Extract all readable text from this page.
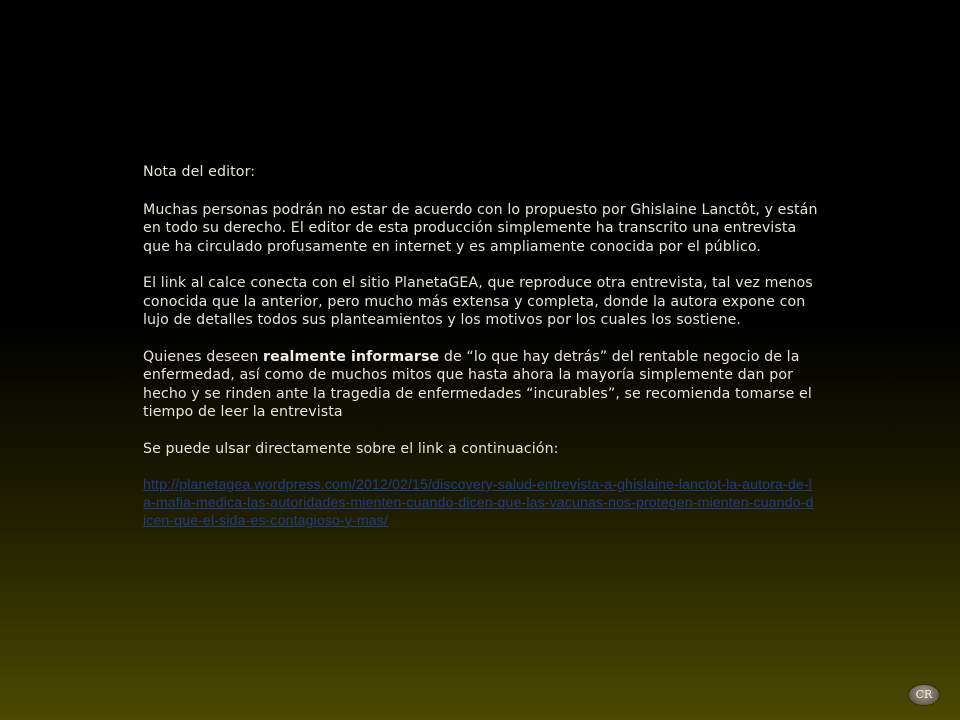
Nota del editor:

Muchas personas podrán no estar de acuerdo con lo propuesto por Ghislaine Lanctôt, y están en todo su derecho. El editor de esta producción simplemente ha transcrito una entrevista que ha circulado profusamente en internet y es ampliamente conocida por el público.

El link al calce conecta con el sitio PlanetaGEA, que reproduce otra entrevista, tal vez menos conocida que la anterior, pero mucho más extensa y completa, donde la autora expone con lujo de detalles todos sus planteamientos y los motivos por los cuales los sostiene.

Quienes deseen realmente informarse de “lo que hay detrás” del rentable negocio de la enfermedad, así como de muchos mitos que hasta ahora la mayoría simplemente dan por hecho y se rinden ante la tragedia de enfermedades “incurables”, se recomienda tomarse el tiempo de leer la entrevista

Se puede ulsar directamente sobre el link a continuación:

http://planetagea.wordpress.com/2012/02/15/discovery-salud-entrevista-a-ghislaine-lanctot-la-autora-de-la-mafia-medica-las-autoridades-mienten-cuando-dicen-que-las-vacunas-nos-protegen-mienten-cuando-dicen-que-el-sida-es-contagioso-y-mas/
CR
